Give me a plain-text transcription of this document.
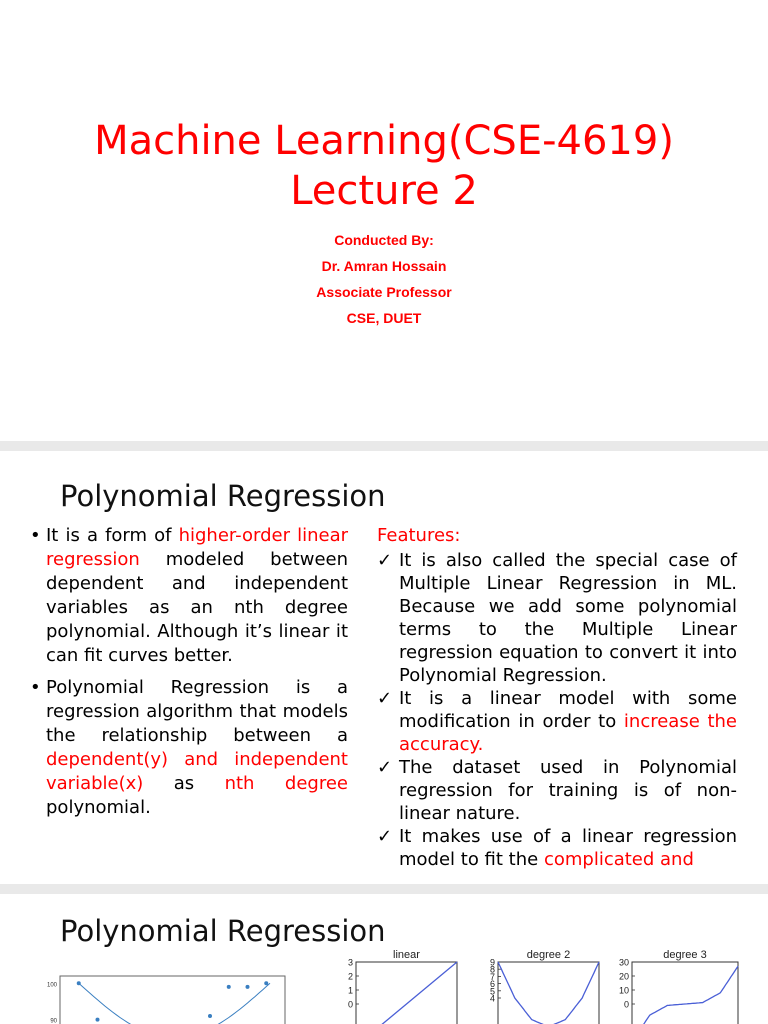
Machine Learning(CSE-4619)
Lecture 2
Conducted By:
Dr. Amran Hossain
Associate Professor
CSE, DUET
Polynomial Regression
• It is a form of higher-order linear regression modeled between dependent and independent variables as an nth degree polynomial. Although it’s linear it can fit curves better.
• Polynomial Regression is a regression algorithm that models the relationship between a dependent(y) and independent variable(x) as nth degree polynomial.
Features:
✓ It is also called the special case of Multiple Linear Regression in ML. Because we add some polynomial terms to the Multiple Linear regression equation to convert it into Polynomial Regression.
✓ It is a linear model with some modification in order to increase the accuracy.
✓ The dataset used in Polynomial regression for training is of non-linear nature.
✓ It makes use of a linear regression model to fit the complicated and
Polynomial Regression
100
90
linear
3
2
1
0
degree 2
9
8
7
6
5
4
degree 3
30
20
10
0
